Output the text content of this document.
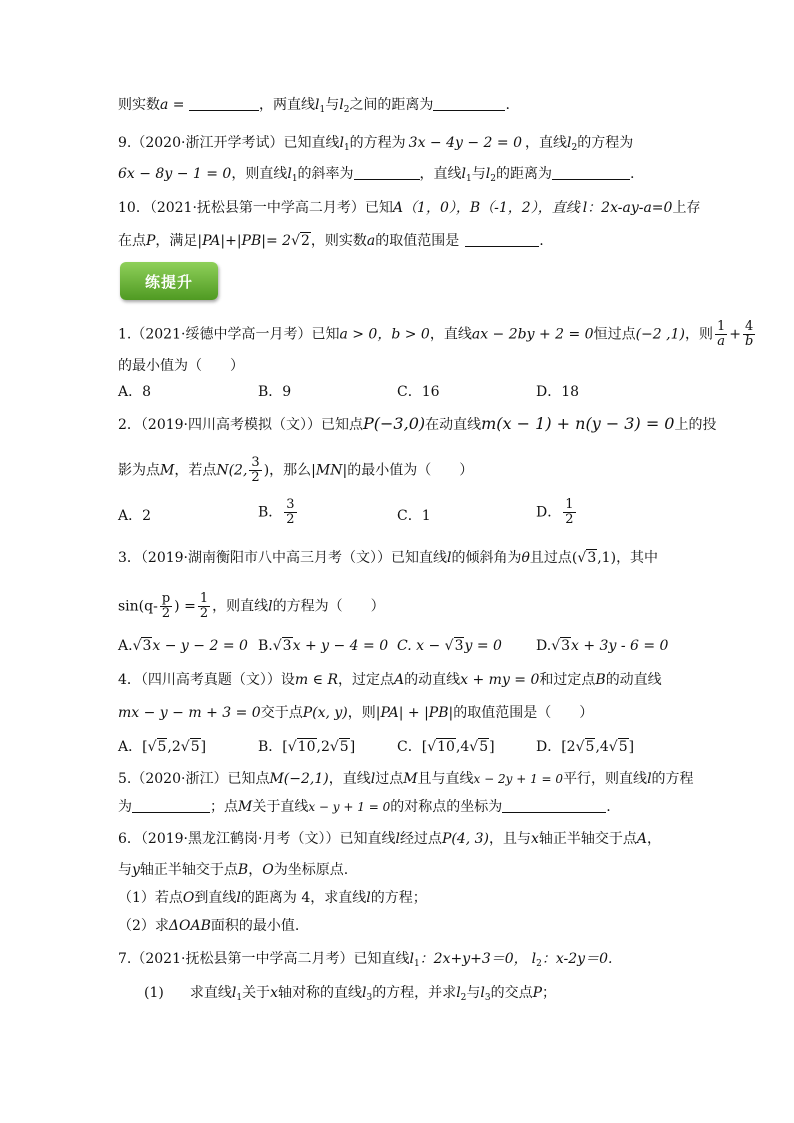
则实数a =	，两直线$l_1$与$l_2$之间的距离为	.
9.（2020·浙江开学考试）已知直线$l_1$的方程为 3x − 4y − 2 = 0 ，直线$l_2$的方程为
6x − 8y − 1 = 0，则直线$l_1$的斜率为	，直线$l_1$与$l_2$的距离为	.
10．（2021·抚松县第一中学高二月考）已知A（1，0），B（-1，2），直线 l：2x-ay-a=0上存
在点P，满足|PA|+|PB|= 2√2，则实数a的取值范围是	.
练提升
1.（2021·绥德中学高一月考）已知a > 0，b > 0，直线ax − 2by + 2 = 0恒过点(−2 ,1)，则 $\frac{1}{a} + \frac{4}{b}$
的最小值为（　　）
A．8	B．9	C．16	D．18
2．（2019·四川高考模拟（文））已知点P(−3,0)在动直线m(x − 1) + n(y − 3) = 0上的投
影为点M，若点N(2, $\frac{3}{2}$ )，那么|MN|的最小值为（　　）
A．2	B． $\frac{3}{2}$	C．1	D． $\frac{1}{2}$
3．（2019·湖南衡阳市八中高三月考（文））已知直线l的倾斜角为θ且过点(√3,1)，其中
$\sin(q- \frac{p}{2}$ ) = $\frac{1}{2}$ ，则直线l的方程为（　　）
A.√3x − y − 2 = 0 B.√3x + y − 4 = 0 C. x − √3y = 0 D.√3x + 3y - 6 = 0
4．（四川高考真题（文））设m ∈ R，过定点A的动直线x + my = 0和过定点B的动直线
mx − y − m + 3 = 0交于点P(x, y)，则|PA| + |PB|的取值范围是（　　）
A．[√5,2√5]	B．[√10,2√5]	C．[√10,4√5]	D．[2√5,4√5]
5.（2020·浙江）已知点M(−2,1)，直线l过点M且与直线x − 2y + 1 = 0平行，则直线l的方程
为	；点M关于直线x − y + 1 = 0的对称点的坐标为	.
6．（2019·黑龙江鹤岗·月考（文））已知直线l经过点P(4, 3)，且与x轴正半轴交于点A，
与y轴正半轴交于点B，O为坐标原点.
（1）若点O到直线l的距离为 4，求直线l的方程；
（2）求ΔOAB面积的最小值.
7.（2021·抚松县第一中学高二月考）已知直线$l_1$：2x+y+3＝0， $l_2$：x-2y＝0.
(1) 求直线$l_1$关于x轴对称的直线$l_3$的方程，并求$l_2$与$l_3$的交点P；
